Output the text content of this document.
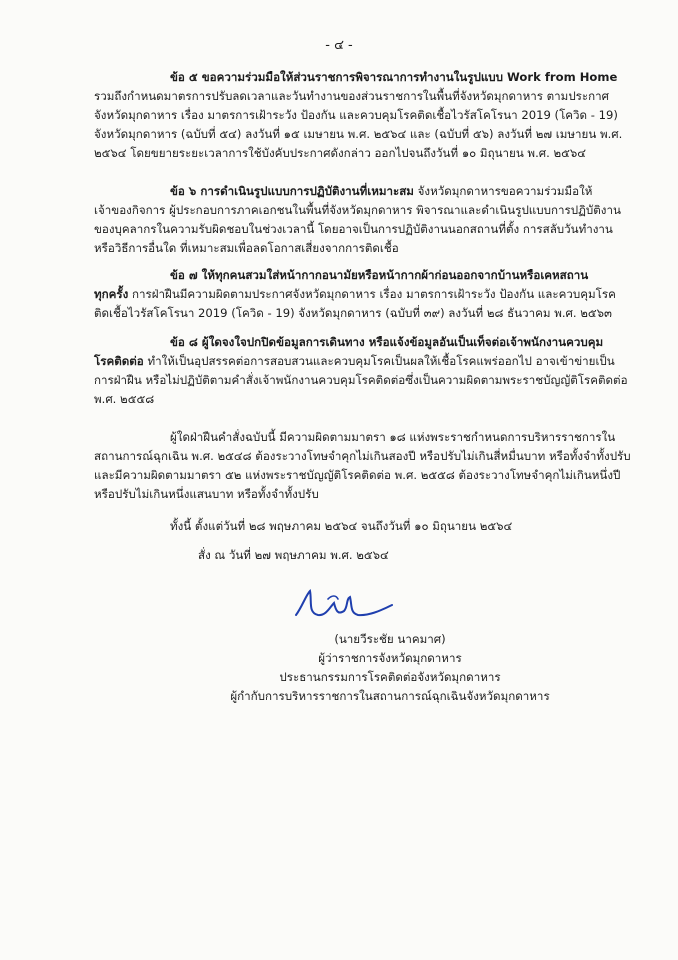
- ๔ -
ข้อ ๕ ขอความร่วมมือให้ส่วนราชการพิจารณาการทำงานในรูปแบบ Work from Home
รวมถึงกำหนดมาตรการปรับลดเวลาและวันทำงานของส่วนราชการในพื้นที่จังหวัดมุกดาหาร ตามประกาศ
จังหวัดมุกดาหาร เรื่อง มาตรการเฝ้าระวัง ป้องกัน และควบคุมโรคติดเชื้อไวรัสโคโรนา 2019 (โควิด - 19)
จังหวัดมุกดาหาร (ฉบับที่ ๕๔) ลงวันที่ ๑๕ เมษายน พ.ศ. ๒๕๖๔ และ (ฉบับที่ ๕๖) ลงวันที่ ๒๗ เมษายน พ.ศ.
๒๕๖๔ โดยขยายระยะเวลาการใช้บังคับประกาศดังกล่าว ออกไปจนถึงวันที่ ๑๐ มิถุนายน พ.ศ. ๒๕๖๔
ข้อ ๖ การดำเนินรูปแบบการปฏิบัติงานที่เหมาะสม จังหวัดมุกดาหารขอความร่วมมือให้
เจ้าของกิจการ ผู้ประกอบการภาคเอกชนในพื้นที่จังหวัดมุกดาหาร พิจารณาและดำเนินรูปแบบการปฏิบัติงาน
ของบุคลากรในความรับผิดชอบในช่วงเวลานี้ โดยอาจเป็นการปฏิบัติงานนอกสถานที่ตั้ง การสลับวันทำงาน
หรือวิธีการอื่นใด ที่เหมาะสมเพื่อลดโอกาสเสี่ยงจากการติดเชื้อ
ข้อ ๗ ให้ทุกคนสวมใส่หน้ากากอนามัยหรือหน้ากากผ้าก่อนออกจากบ้านหรือเคหสถาน
ทุกครั้ง การฝ่าฝืนมีความผิดตามประกาศจังหวัดมุกดาหาร เรื่อง มาตรการเฝ้าระวัง ป้องกัน และควบคุมโรค
ติดเชื้อไวรัสโคโรนา 2019 (โควิด - 19) จังหวัดมุกดาหาร (ฉบับที่ ๓๙) ลงวันที่ ๒๘ ธันวาคม พ.ศ. ๒๕๖๓
ข้อ ๘ ผู้ใดจงใจปกปิดข้อมูลการเดินทาง หรือแจ้งข้อมูลอันเป็นเท็จต่อเจ้าพนักงานควบคุม
โรคติดต่อ ทำให้เป็นอุปสรรคต่อการสอบสวนและควบคุมโรคเป็นผลให้เชื้อโรคแพร่ออกไป อาจเข้าข่ายเป็น
การฝ่าฝืน หรือไม่ปฏิบัติตามคำสั่งเจ้าพนักงานควบคุมโรคติดต่อซึ่งเป็นความผิดตามพระราชบัญญัติโรคติดต่อ
พ.ศ. ๒๕๕๘
ผู้ใดฝ่าฝืนคำสั่งฉบับนี้ มีความผิดตามมาตรา ๑๘ แห่งพระราชกำหนดการบริหารราชการใน
สถานการณ์ฉุกเฉิน พ.ศ. ๒๕๔๘ ต้องระวางโทษจำคุกไม่เกินสองปี หรือปรับไม่เกินสี่หมื่นบาท หรือทั้งจำทั้งปรับ
และมีความผิดตามมาตรา ๕๒ แห่งพระราชบัญญัติโรคติดต่อ พ.ศ. ๒๕๕๘ ต้องระวางโทษจำคุกไม่เกินหนึ่งปี
หรือปรับไม่เกินหนึ่งแสนบาท หรือทั้งจำทั้งปรับ
ทั้งนี้ ตั้งแต่วันที่ ๒๘ พฤษภาคม ๒๕๖๔ จนถึงวันที่ ๑๐ มิถุนายน ๒๕๖๔
สั่ง ณ วันที่ ๒๗ พฤษภาคม พ.ศ. ๒๕๖๔
(นายวีระชัย นาคมาศ)
ผู้ว่าราชการจังหวัดมุกดาหาร
ประธานกรรมการโรคติดต่อจังหวัดมุกดาหาร
ผู้กำกับการบริหารราชการในสถานการณ์ฉุกเฉินจังหวัดมุกดาหาร
